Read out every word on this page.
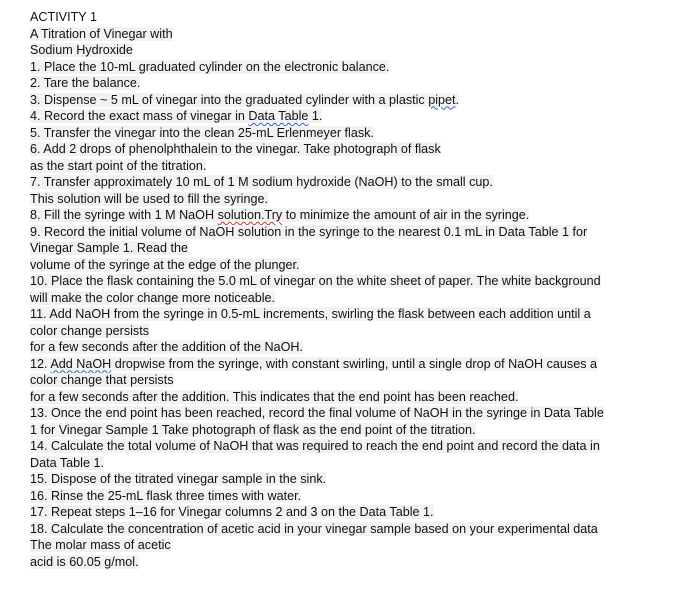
ACTIVITY 1
A Titration of Vinegar with
Sodium Hydroxide
1. Place the 10-mL graduated cylinder on the electronic balance.
2. Tare the balance.
3. Dispense ~ 5 mL of vinegar into the graduated cylinder with a plastic pipet.
4. Record the exact mass of vinegar in Data Table 1.
5. Transfer the vinegar into the clean 25-mL Erlenmeyer flask.
6. Add 2 drops of phenolphthalein to the vinegar. Take photograph of flask
as the start point of the titration.
7. Transfer approximately 10 mL of 1 M sodium hydroxide (NaOH) to the small cup.
This solution will be used to fill the syringe.
8. Fill the syringe with 1 M NaOH solution.Try to minimize the amount of air in the syringe.
9. Record the initial volume of NaOH solution in the syringe to the nearest 0.1 mL in Data Table 1 for
Vinegar Sample 1. Read the
volume of the syringe at the edge of the plunger.
10. Place the flask containing the 5.0 mL of vinegar on the white sheet of paper. The white background
will make the color change more noticeable.
11. Add NaOH from the syringe in 0.5-mL increments, swirling the flask between each addition until a
color change persists
for a few seconds after the addition of the NaOH.
12. Add NaOH dropwise from the syringe, with constant swirling, until a single drop of NaOH causes a
color change that persists
for a few seconds after the addition. This indicates that the end point has been reached.
13. Once the end point has been reached, record the final volume of NaOH in the syringe in Data Table
1 for Vinegar Sample 1 Take photograph of flask as the end point of the titration.
14. Calculate the total volume of NaOH that was required to reach the end point and record the data in
Data Table 1.
15. Dispose of the titrated vinegar sample in the sink.
16. Rinse the 25-mL flask three times with water.
17. Repeat steps 1–16 for Vinegar columns 2 and 3 on the Data Table 1.
18. Calculate the concentration of acetic acid in your vinegar sample based on your experimental data
The molar mass of acetic
acid is 60.05 g/mol.
